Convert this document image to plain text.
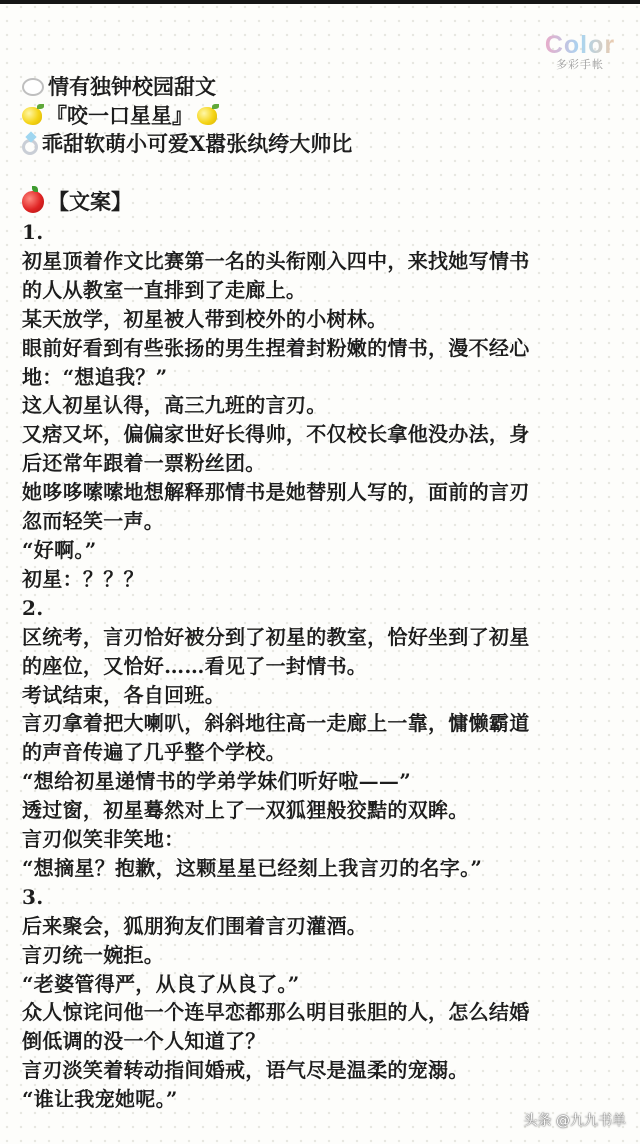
Color
多彩手帐
情有独钟校园甜文
『咬一口星星』
乖甜软萌小可爱X嚣张纨绔大帅比
【文案】
1.
初星顶着作文比赛第一名的头衔刚入四中，来找她写情书
的人从教室一直排到了走廊上。
某天放学，初星被人带到校外的小树林。
眼前好看到有些张扬的男生捏着封粉嫩的情书，漫不经心
地：“想追我？”
这人初星认得，高三九班的言刃。
又痞又坏，偏偏家世好长得帅，不仅校长拿他没办法，身
后还常年跟着一票粉丝团。
她哆哆嗦嗦地想解释那情书是她替别人写的，面前的言刃
忽而轻笑一声。
“好啊。”
初星：？？？
2.
区统考，言刃恰好被分到了初星的教室，恰好坐到了初星
的座位，又恰好……看见了一封情书。
考试结束，各自回班。
言刃拿着把大喇叭，斜斜地往高一走廊上一靠，慵懒霸道
的声音传遍了几乎整个学校。
“想给初星递情书的学弟学妹们听好啦——”
透过窗，初星蓦然对上了一双狐狸般狡黠的双眸。
言刃似笑非笑地：
“想摘星？抱歉，这颗星星已经刻上我言刃的名字。”
3.
后来聚会，狐朋狗友们围着言刃灌酒。
言刃统一婉拒。
“老婆管得严，从良了从良了。”
众人惊诧问他一个连早恋都那么明目张胆的人，怎么结婚
倒低调的没一个人知道了？
言刃淡笑着转动指间婚戒，语气尽是温柔的宠溺。
“谁让我宠她呢。”
头条 @九九书单
